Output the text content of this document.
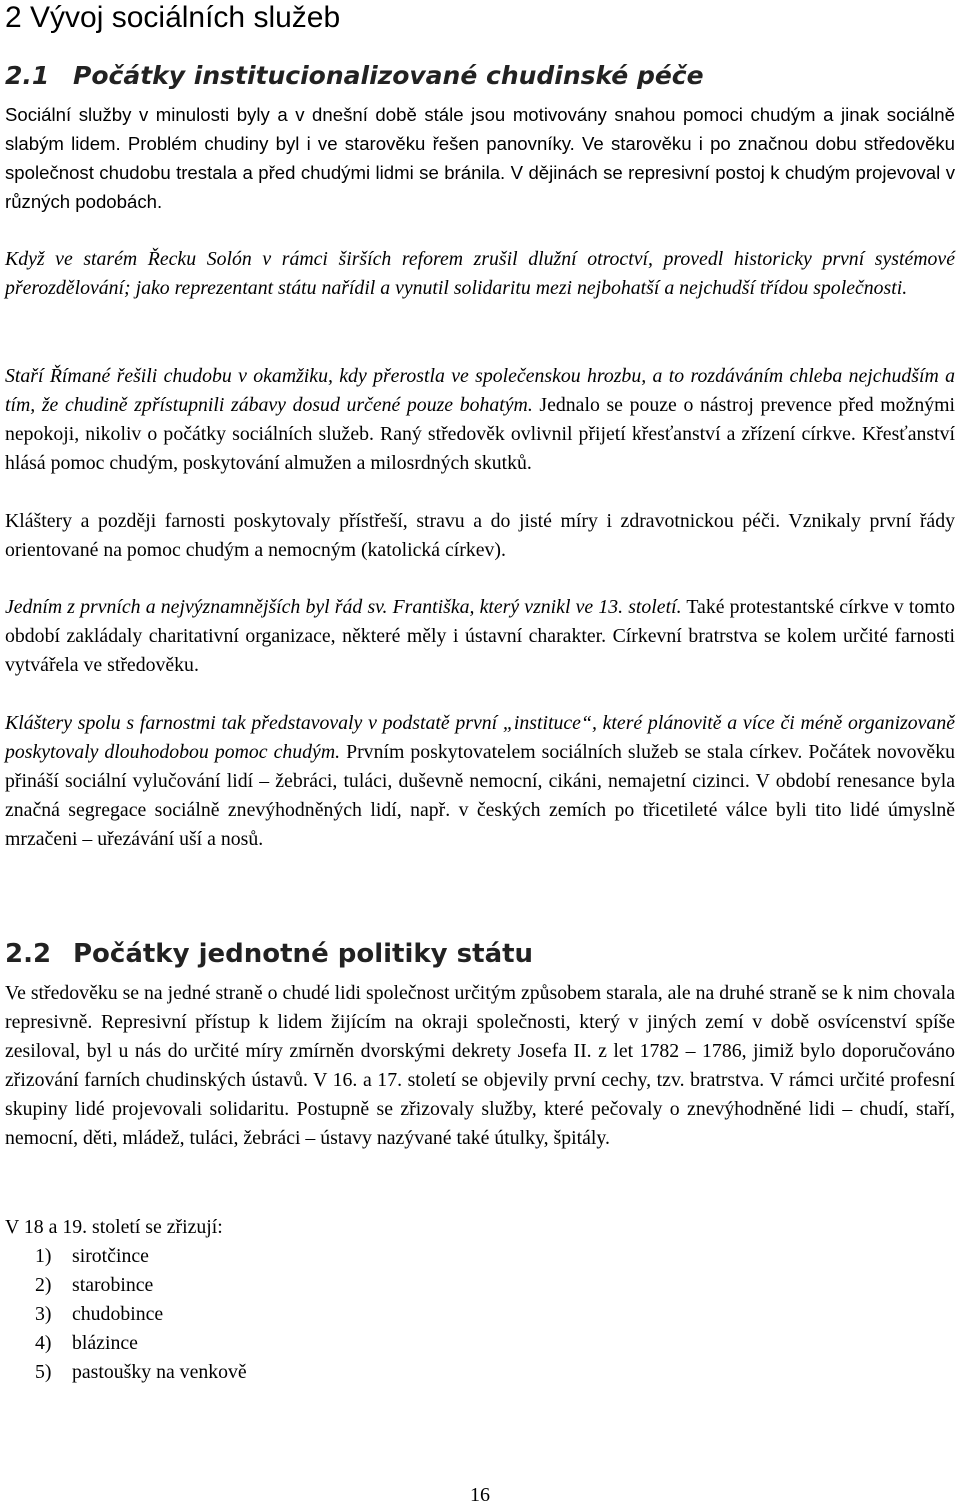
2 Vývoj sociálních služeb
2.1 Počátky institucionalizované chudinské péče

Sociální služby v minulosti byly a v dnešní době stále jsou motivovány snahou pomoci chudým a jinak sociálně slabým lidem. Problém chudiny byl i ve starověku řešen panovníky. Ve starověku i po značnou dobu středověku společnost chudobu trestala a před chudými lidmi se bránila. V dějinách se represivní postoj k chudým projevoval v různých podobách.

Když ve starém Řecku Solón v rámci širších reforem zrušil dlužní otroctví, provedl historicky první systémové přerozdělování; jako reprezentant státu nařídil a vynutil solidaritu mezi nejbohatší a nejchudší třídou společnosti.

Staří Římané řešili chudobu v okamžiku, kdy přerostla ve společenskou hrozbu, a to rozdáváním chleba nejchudším a tím, že chudině zpřístupnili zábavy dosud určené pouze bohatým. Jednalo se pouze o nástroj prevence před možnými nepokoji, nikoliv o počátky sociálních služeb. Raný středověk ovlivnil přijetí křesťanství a zřízení církve. Křesťanství hlásá pomoc chudým, poskytování almužen a milosrdných skutků.

Kláštery a později farnosti poskytovaly přístřeší, stravu a do jisté míry i zdravotnickou péči. Vznikaly první řády orientované na pomoc chudým a nemocným (katolická církev).

Jedním z prvních a nejvýznamnějších byl řád sv. Františka, který vznikl ve 13. století. Také protestantské církve v tomto období zakládaly charitativní organizace, některé měly i ústavní charakter. Církevní bratrstva se kolem určité farnosti vytvářela ve středověku.

Kláštery spolu s farnostmi tak představovaly v podstatě první „instituce“, které plánovitě a více či méně organizovaně poskytovaly dlouhodobou pomoc chudým. Prvním poskytovatelem sociálních služeb se stala církev. Počátek novověku přináší sociální vylučování lidí – žebráci, tuláci, duševně nemocní, cikáni, nemajetní cizinci. V období renesance byla značná segregace sociálně znevýhodněných lidí, např. v českých zemích po třicetileté válce byli tito lidé úmyslně mrzačeni – uřezávání uší a nosů.

2.2 Počátky jednotné politiky státu

Ve středověku se na jedné straně o chudé lidi společnost určitým způsobem starala, ale na druhé straně se k nim chovala represivně. Represivní přístup k lidem žijícím na okraji společnosti, který v jiných zemí v době osvícenství spíše zesiloval, byl u nás do určité míry zmírněn dvorskými dekrety Josefa II. z let 1782 – 1786, jimiž bylo doporučováno zřizování farních chudinských ústavů. V 16. a 17. století se objevily první cechy, tzv. bratrstva. V rámci určité profesní skupiny lidé projevovali solidaritu. Postupně se zřizovaly služby, které pečovaly o znevýhodněné lidi – chudí, staří, nemocní, děti, mládež, tuláci, žebráci – ústavy nazývané také útulky, špitály.

V 18 a 19. století se zřizují:

1) sirotčince
2) starobince
3) chudobince
4) blázince
5) pastoušky na venkově
16
